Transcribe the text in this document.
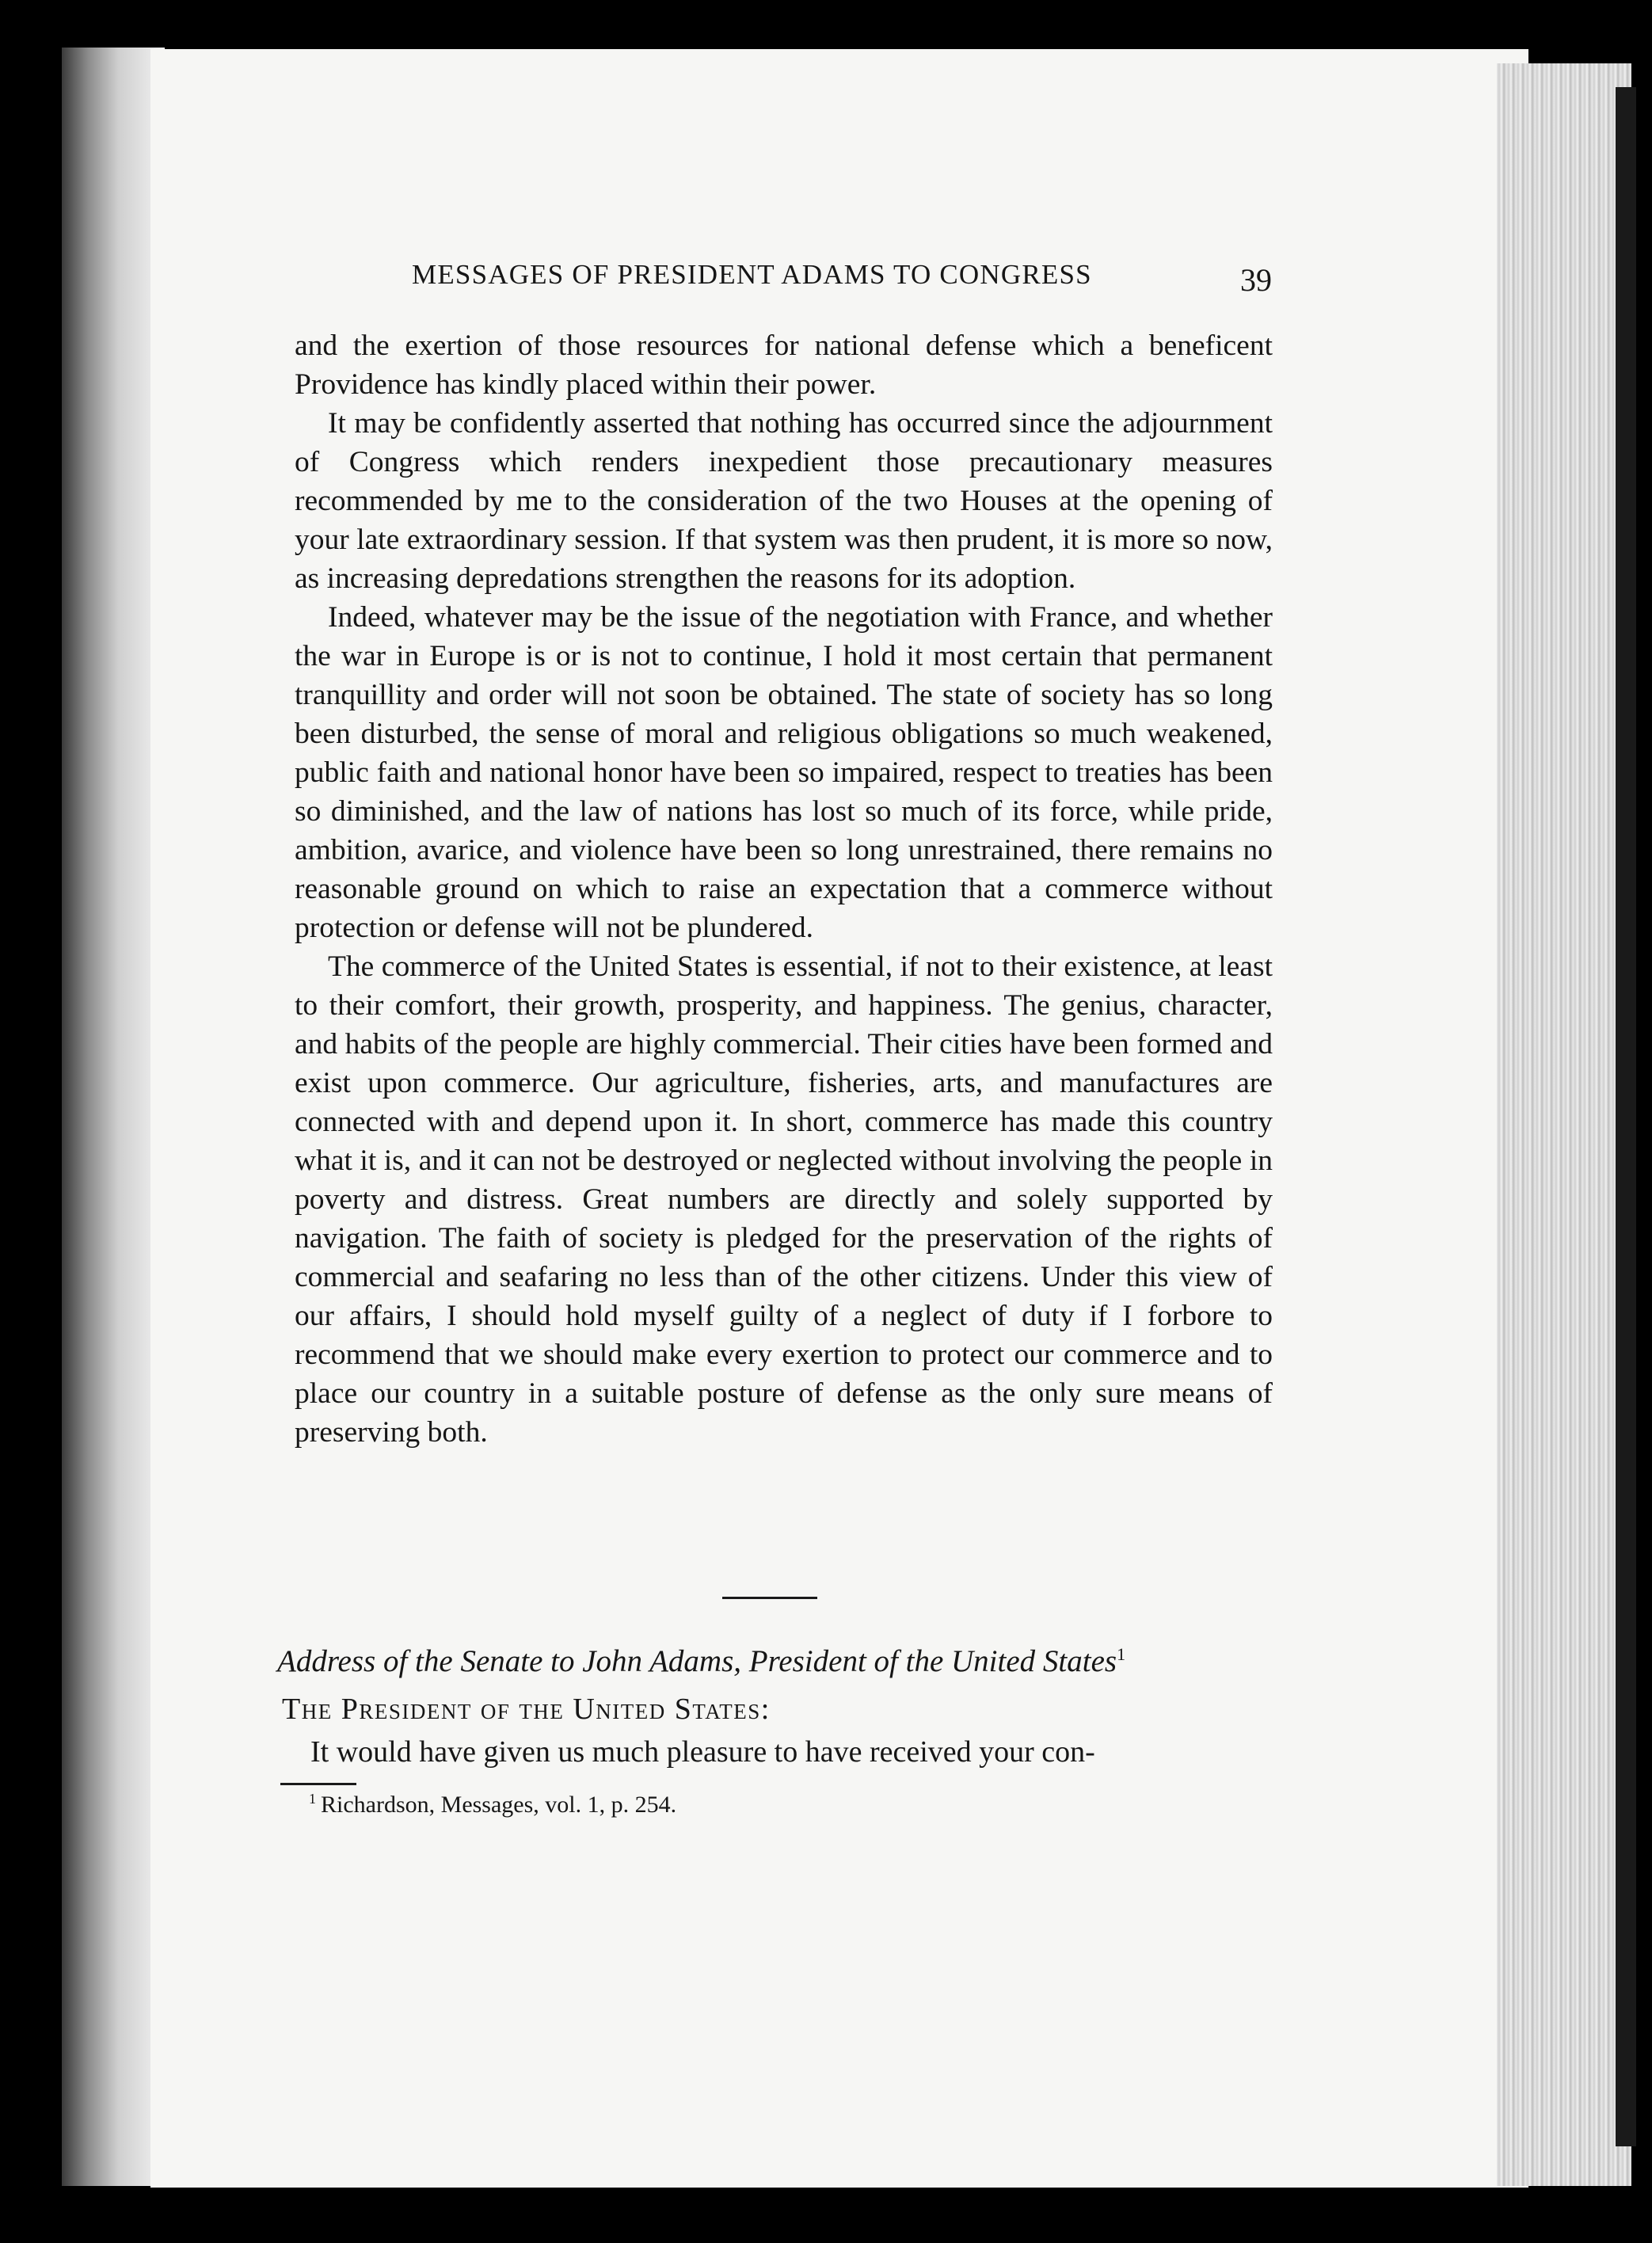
MESSAGES OF PRESIDENT ADAMS TO CONGRESS	39

and the exertion of those resources for national defense which a beneficent Providence has kindly placed within their power.

It may be confidently asserted that nothing has occurred since the adjournment of Congress which renders inexpedient those precautionary measures recommended by me to the consideration of the two Houses at the opening of your late extraordinary session. If that system was then prudent, it is more so now, as increasing depredations strengthen the reasons for its adoption.

Indeed, whatever may be the issue of the negotiation with France, and whether the war in Europe is or is not to continue, I hold it most certain that permanent tranquillity and order will not soon be obtained. The state of society has so long been disturbed, the sense of moral and religious obligations so much weakened, public faith and national honor have been so impaired, respect to treaties has been so diminished, and the law of nations has lost so much of its force, while pride, ambition, avarice, and violence have been so long unrestrained, there remains no reasonable ground on which to raise an expectation that a commerce without protection or defense will not be plundered.

The commerce of the United States is essential, if not to their existence, at least to their comfort, their growth, prosperity, and happiness. The genius, character, and habits of the people are highly commercial. Their cities have been formed and exist upon commerce. Our agriculture, fisheries, arts, and manufactures are connected with and depend upon it. In short, commerce has made this country what it is, and it can not be destroyed or neglected without involving the people in poverty and distress. Great numbers are directly and solely supported by navigation. The faith of society is pledged for the preservation of the rights of commercial and seafaring no less than of the other citizens. Under this view of our affairs, I should hold myself guilty of a neglect of duty if I forbore to recommend that we should make every exertion to protect our commerce and to place our country in a suitable posture of defense as the only sure means of preserving both.

Address of the Senate to John Adams, President of the United States$^1$
The President of the United States:
It would have given us much pleasure to have received your con-
$^1$ Richardson, Messages, vol. 1, p. 254.
